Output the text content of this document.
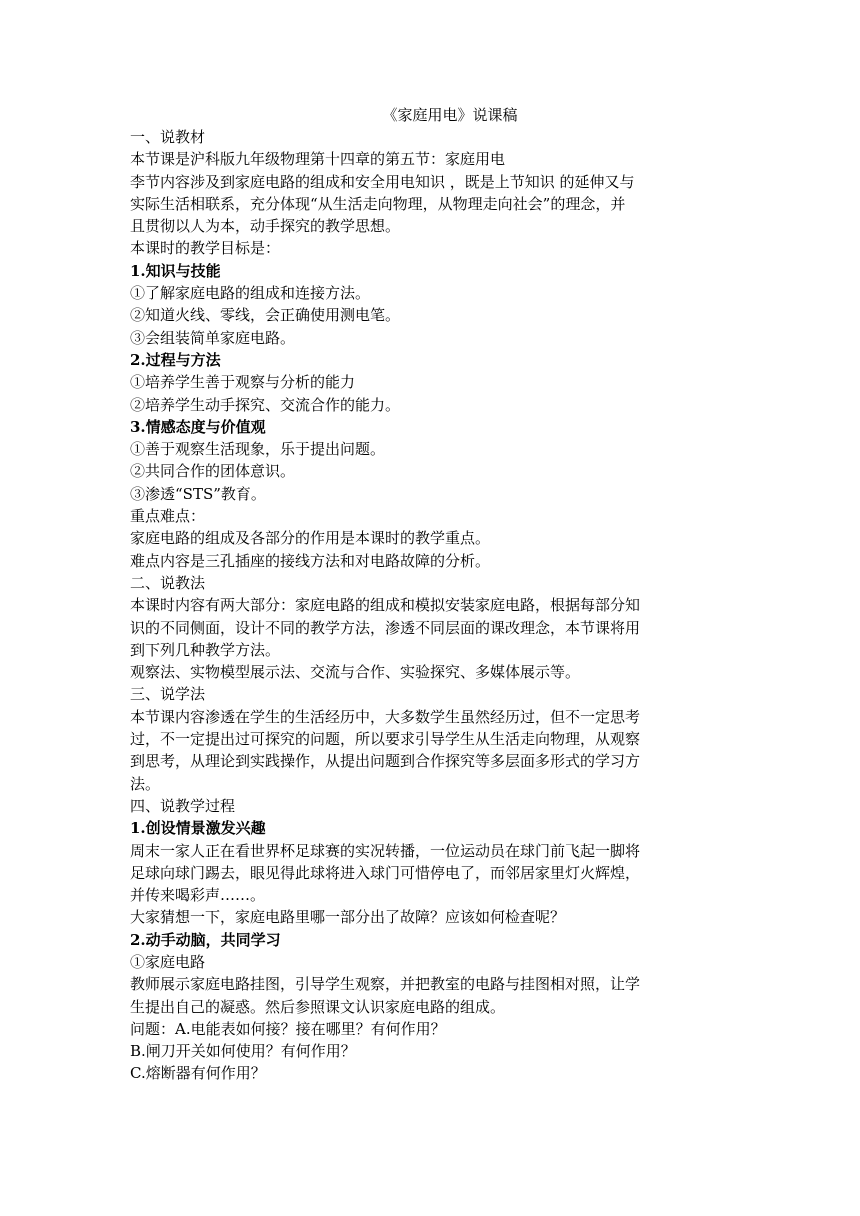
《家庭用电》说课稿
一、说教材
本节课是沪科版九年级物理第十四章的第五节：家庭用电
李节内容涉及到家庭电路的组成和安全用电知识 ，既是上节知识 的延伸又与
实际生活相联系，充分体现“从生活走向物理，从物理走向社会”的理念，并
且贯彻以人为本，动手探究的教学思想。
本课时的教学目标是：
1.知识与技能
①了解家庭电路的组成和连接方法。
②知道火线、零线，会正确使用测电笔。
③会组装简单家庭电路。
2.过程与方法
①培养学生善于观察与分析的能力
②培养学生动手探究、交流合作的能力。
3.情感态度与价值观
①善于观察生活现象，乐于提出问题。
②共同合作的团体意识。
③渗透“STS”教育。
重点难点：
家庭电路的组成及各部分的作用是本课时的教学重点。
难点内容是三孔插座的接线方法和对电路故障的分析。
二、说教法
本课时内容有两大部分：家庭电路的组成和模拟安装家庭电路，根据每部分知
识的不同侧面，设计不同的教学方法，渗透不同层面的课改理念，本节课将用
到下列几种教学方法。
观察法、实物模型展示法、交流与合作、实验探究、多媒体展示等。
三、说学法
本节课内容渗透在学生的生活经历中，大多数学生虽然经历过，但不一定思考
过，不一定提出过可探究的问题，所以要求引导学生从生活走向物理，从观察
到思考，从理论到实践操作，从提出问题到合作探究等多层面多形式的学习方
法。
四、说教学过程
1.创设情景激发兴趣
周末一家人正在看世界杯足球赛的实况转播，一位运动员在球门前飞起一脚将
足球向球门踢去，眼见得此球将进入球门可惜停电了，而邻居家里灯火辉煌，
并传来喝彩声……。
大家猜想一下，家庭电路里哪一部分出了故障？应该如何检查呢？
2.动手动脑，共同学习
①家庭电路
教师展示家庭电路挂图，引导学生观察，并把教室的电路与挂图相对照，让学
生提出自己的凝惑。然后参照课文认识家庭电路的组成。
问题：A.电能表如何接？接在哪里？有何作用？
B.闸刀开关如何使用？有何作用？
C.熔断器有何作用？
